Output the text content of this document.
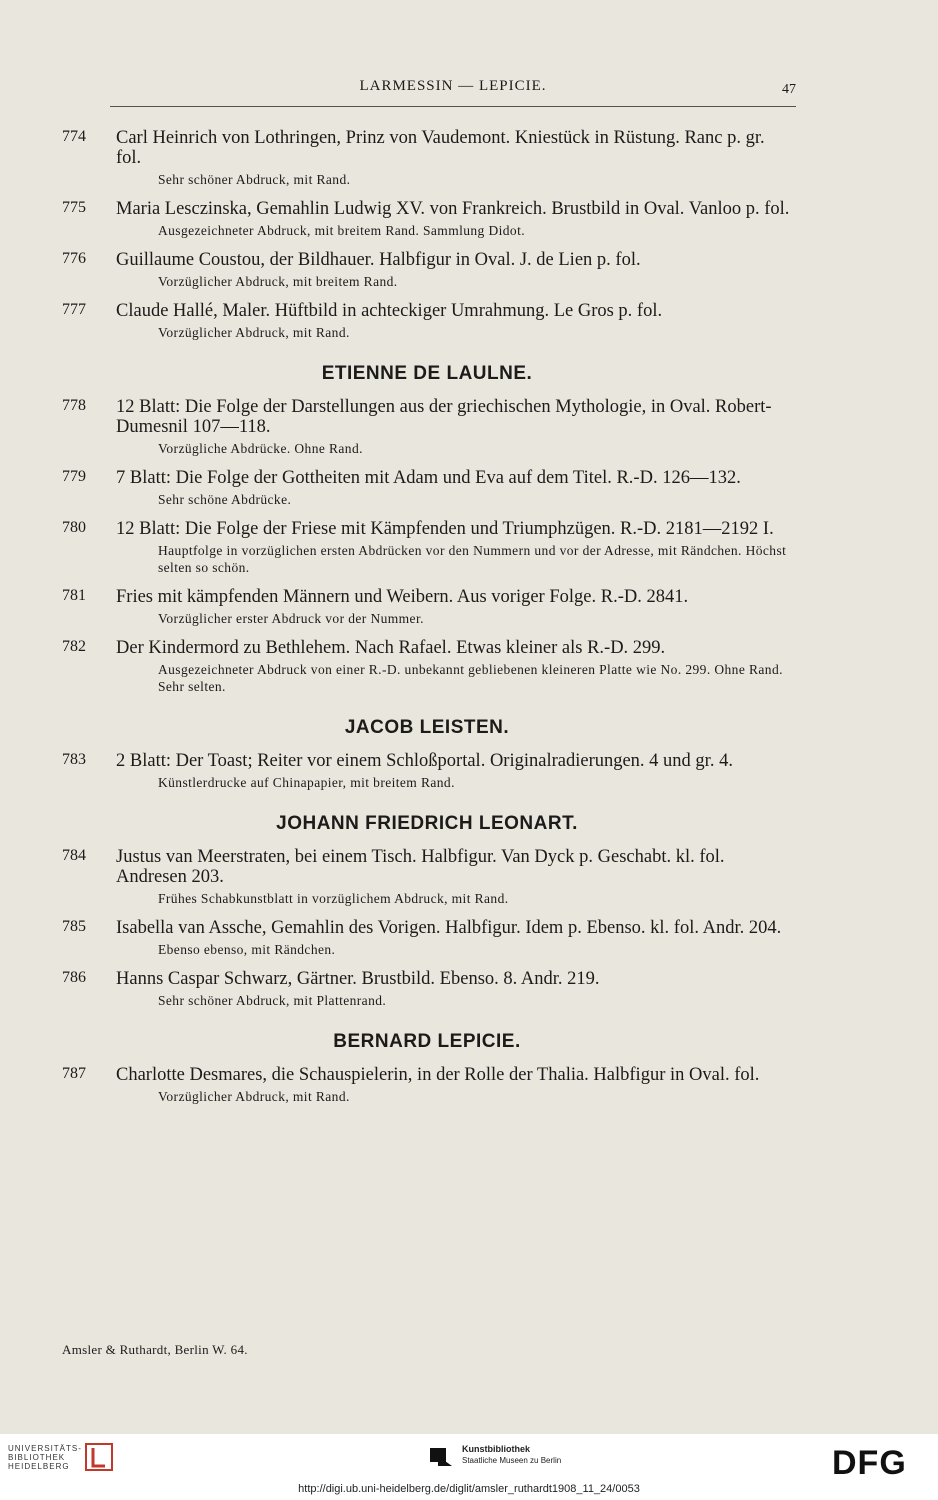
LARMESSIN — LEPICIE.	47
774	Carl Heinrich von Lothringen, Prinz von Vaudemont. Kniestück in Rüstung. Ranc p. gr. fol.
Sehr schöner Abdruck, mit Rand.
775	Maria Lesczinska, Gemahlin Ludwig XV. von Frankreich. Brustbild in Oval. Vanloo p. fol.
Ausgezeichneter Abdruck, mit breitem Rand. Sammlung Didot.
776	Guillaume Coustou, der Bildhauer. Halbfigur in Oval. J. de Lien p. fol.
Vorzüglicher Abdruck, mit breitem Rand.
777	Claude Hallé, Maler. Hüftbild in achteckiger Umrahmung. Le Gros p. fol.
Vorzüglicher Abdruck, mit Rand.
ETIENNE DE LAULNE.
778	12 Blatt: Die Folge der Darstellungen aus der griechischen Mythologie, in Oval. Robert-Dumesnil 107—118.
Vorzügliche Abdrücke. Ohne Rand.
779	7 Blatt: Die Folge der Gottheiten mit Adam und Eva auf dem Titel. R.-D. 126—132.
Sehr schöne Abdrücke.
780	12 Blatt: Die Folge der Friese mit Kämpfenden und Triumphzügen. R.-D. 2181—2192 I.
Hauptfolge in vorzüglichen ersten Abdrücken vor den Nummern und vor der Adresse, mit Rändchen. Höchst selten so schön.
781	Fries mit kämpfenden Männern und Weibern. Aus voriger Folge. R.-D. 2841.
Vorzüglicher erster Abdruck vor der Nummer.
782	Der Kindermord zu Bethlehem. Nach Rafael. Etwas kleiner als R.-D. 299.
Ausgezeichneter Abdruck von einer R.-D. unbekannt gebliebenen kleineren Platte wie No. 299. Ohne Rand. Sehr selten.
JACOB LEISTEN.
783	2 Blatt: Der Toast; Reiter vor einem Schloßportal. Originalradierungen. 4 und gr. 4.
Künstlerdrucke auf Chinapapier, mit breitem Rand.
JOHANN FRIEDRICH LEONART.
784	Justus van Meerstraten, bei einem Tisch. Halbfigur. Van Dyck p. Geschabt. kl. fol. Andresen 203.
Frühes Schabkunstblatt in vorzüglichem Abdruck, mit Rand.
785	Isabella van Assche, Gemahlin des Vorigen. Halbfigur. Idem p. Ebenso. kl. fol. Andr. 204.
Ebenso ebenso, mit Rändchen.
786	Hanns Caspar Schwarz, Gärtner. Brustbild. Ebenso. 8. Andr. 219.
Sehr schöner Abdruck, mit Plattenrand.
BERNARD LEPICIE.
787	Charlotte Desmares, die Schauspielerin, in der Rolle der Thalia. Halbfigur in Oval. fol.
Vorzüglicher Abdruck, mit Rand.
Amsler & Ruthardt, Berlin W. 64.
UNIVERSITÄTS-
BIBLIOTHEK
HEIDELBERG
Kunstbibliothek
Staatliche Museen zu Berlin	DFG
http://digi.ub.uni-heidelberg.de/diglit/amsler_ruthardt1908_11_24/0053
